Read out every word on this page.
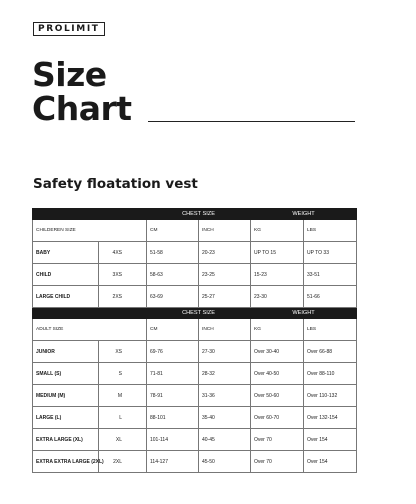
PROLIMIT
Size
Chart
Safety floatation vest
		CHEST SIZE		WEIGHT	
CHILDEREN SIZE		CM	INCH	KG	LBS
BABY	4XS	51-58	20-23	UP TO 15	UP TO 33
CHILD	3XS	58-63	23-25	15-23	33-51
LARGE CHILD	2XS	63-69	25-27	23-30	51-66
		CHEST SIZE		WEIGHT	
ADULT SIZE		CM	INCH	KG	LBS
JUNIOR	XS	69-76	27-30	Over 30-40	Over 66-88
SMALL (S)	S	71-81	28-32	Over 40-50	Over 88-110
MEDIUM (M)	M	78-91	31-36	Over 50-60	Over 110-132
LARGE (L)	L	88-101	35-40	Over 60-70	Over 132-154
EXTRA LARGE (XL)	XL	101-114	40-45	Over 70	Over 154
EXTRA EXTRA LARGE (2XL)	2XL	114-127	45-50	Over 70	Over 154
